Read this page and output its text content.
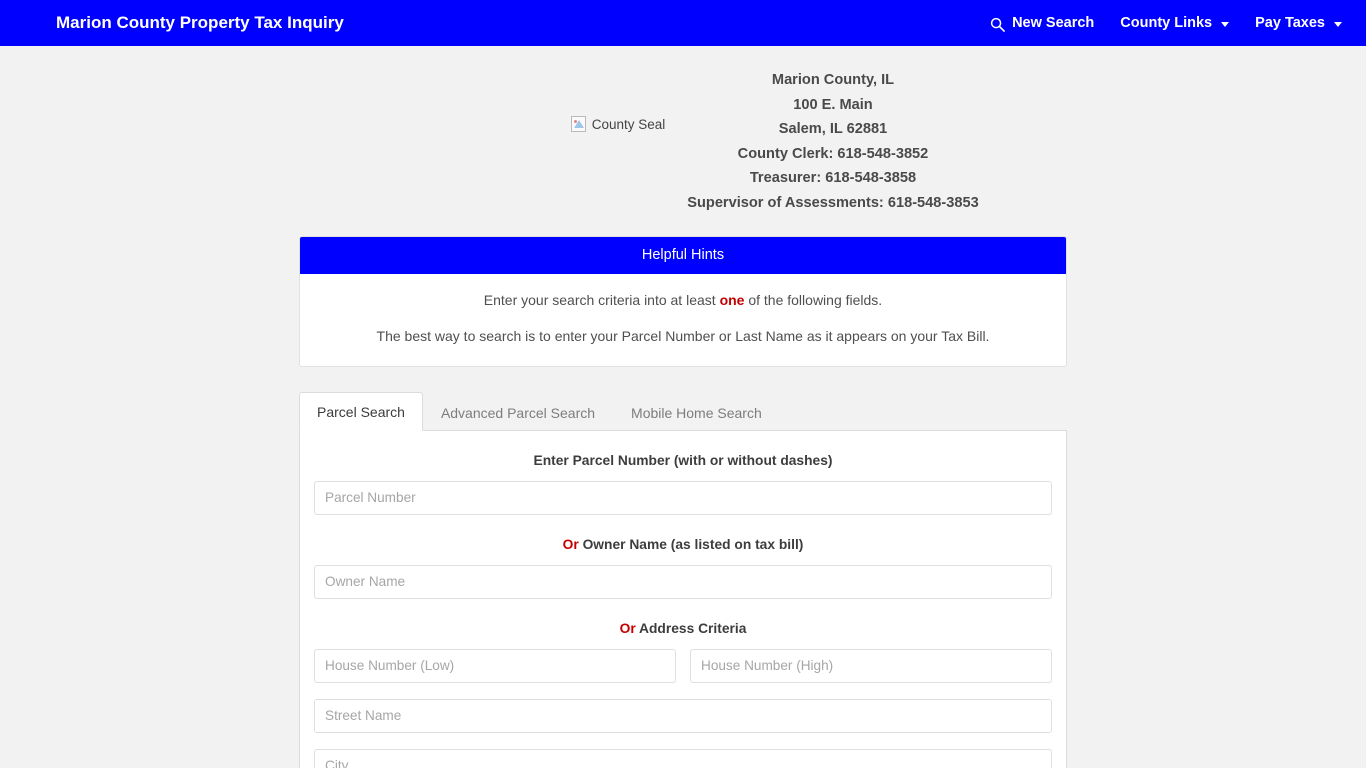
Marion County Property Tax Inquiry	New Search County Links	Pay Taxes
County Seal
Marion County, IL
100 E. Main
Salem, IL 62881
County Clerk: 618-548-3852
Treasurer: 618-548-3858
Supervisor of Assessments: 618-548-3853
Helpful Hints

Enter your search criteria into at least one of the following fields.

The best way to search is to enter your Parcel Number or Last Name as it appears on your Tax Bill.

Parcel Search	Advanced Parcel Search	Mobile Home Search
Enter Parcel Number (with or without dashes)
Parcel Number
Or Owner Name (as listed on tax bill)
Owner Name
Or Address Criteria
House Number (Low)
House Number (High)
Street Name
City
